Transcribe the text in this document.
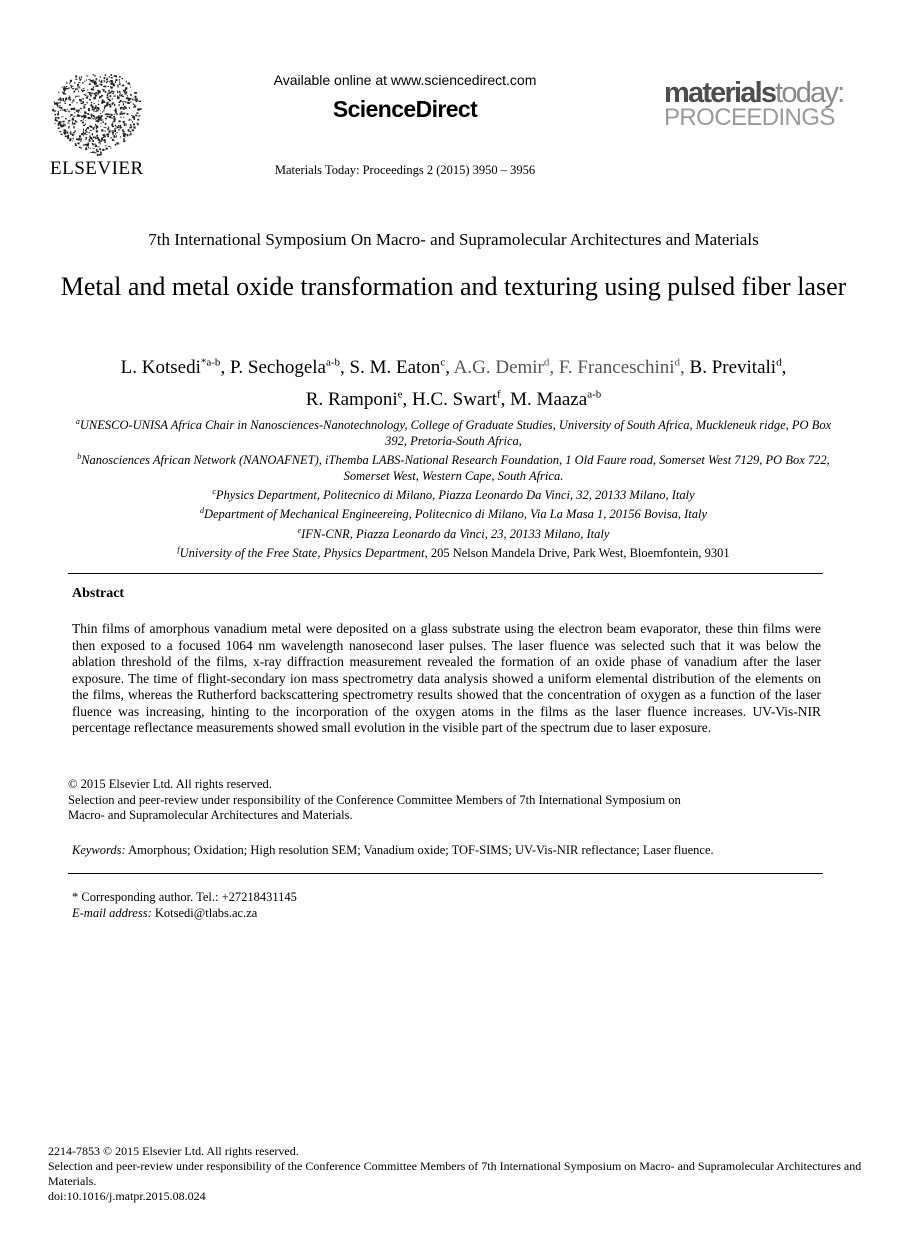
ELSEVIER
Available online at www.sciencedirect.com
ScienceDirect
Materials Today: Proceedings 2 (2015) 3950 – 3956
materialstoday:
PROCEEDINGS
7th International Symposium On Macro- and Supramolecular Architectures and Materials
Metal and metal oxide transformation and texturing using pulsed fiber laser
L. Kotsedi$^{*a-b}$, P. Sechogela$^{a-b}$, S. M. Eaton$^c$, A.G. Demir$^d$, F. Franceschini$^d$, B. Previtali$^d$,
R. Ramponi$^e$, H.C. Swart$^f$, M. Maaza$^{a-b}$
$^a$UNESCO-UNISA Africa Chair in Nanosciences-Nanotechnology, College of Graduate Studies, University of South Africa, Muckleneuk ridge, PO Box 392, Pretoria-South Africa,
$^b$Nanosciences African Network (NANOAFNET), iThemba LABS-National Research Foundation, 1 Old Faure road, Somerset West 7129, PO Box 722, Somerset West, Western Cape, South Africa.
$^c$Physics Department, Politecnico di Milano, Piazza Leonardo Da Vinci, 32, 20133 Milano, Italy
$^d$Department of Mechanical Engineereing, Politecnico di Milano, Via La Masa 1, 20156 Bovisa, Italy
$^e$IFN-CNR, Piazza Leonardo da Vinci, 23, 20133 Milano, Italy
$^f$University of the Free State, Physics Department, 205 Nelson Mandela Drive, Park West, Bloemfontein, 9301
Abstract
Thin films of amorphous vanadium metal were deposited on a glass substrate using the electron beam evaporator, these thin films were then exposed to a focused 1064 nm wavelength nanosecond laser pulses. The laser fluence was selected such that it was below the ablation threshold of the films, x-ray diffraction measurement revealed the formation of an oxide phase of vanadium after the laser exposure. The time of flight-secondary ion mass spectrometry data analysis showed a uniform elemental distribution of the elements on the films, whereas the Rutherford backscattering spectrometry results showed that the concentration of oxygen as a function of the laser fluence was increasing, hinting to the incorporation of the oxygen atoms in the films as the laser fluence increases. UV-Vis-NIR percentage reflectance measurements showed small evolution in the visible part of the spectrum due to laser exposure.
© 2015 Elsevier Ltd. All rights reserved.
Selection and peer-review under responsibility of the Conference Committee Members of 7th International Symposium on
Macro- and Supramolecular Architectures and Materials.
Keywords: Amorphous; Oxidation; High resolution SEM; Vanadium oxide; TOF-SIMS; UV-Vis-NIR reflectance; Laser fluence.
* Corresponding author. Tel.: +27218431145
E-mail address: Kotsedi@tlabs.ac.za
2214-7853 © 2015 Elsevier Ltd. All rights reserved.
Selection and peer-review under responsibility of the Conference Committee Members of 7th International Symposium on Macro- and Supramolecular Architectures and Materials.
doi:10.1016/j.matpr.2015.08.024
